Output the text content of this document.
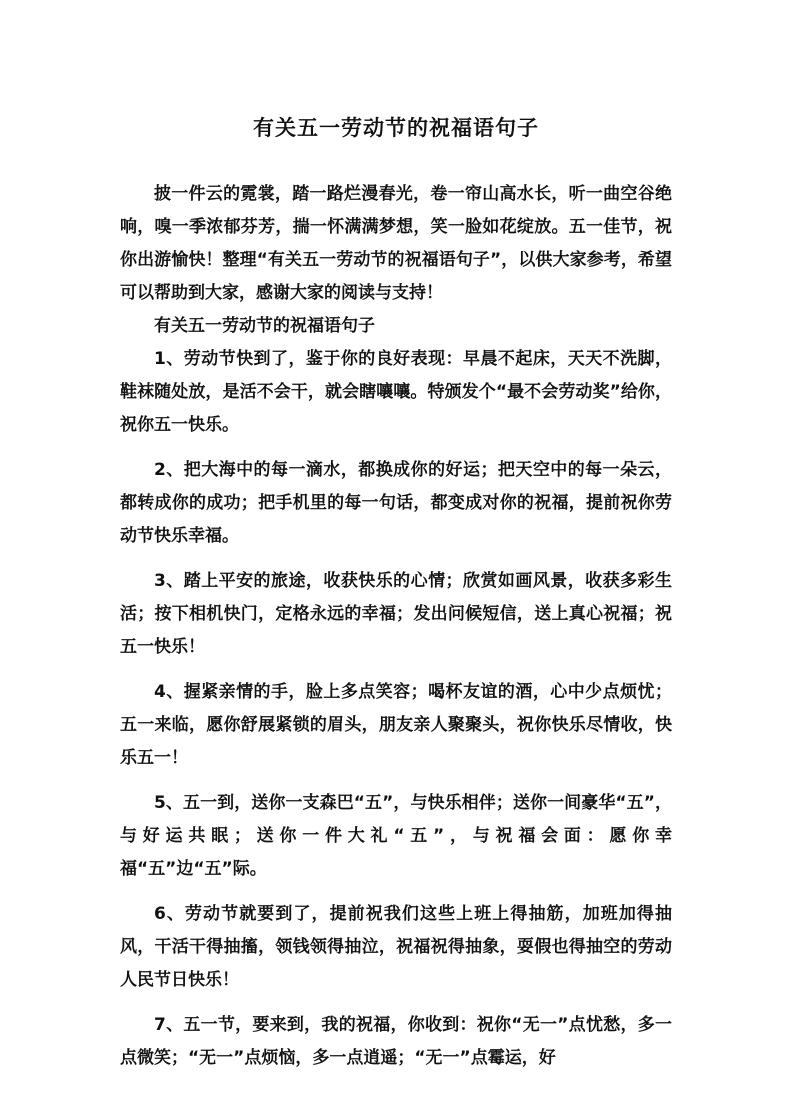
有关五一劳动节的祝福语句子

披一件云的霓裳，踏一路烂漫春光，卷一帘山高水长，听一曲空谷绝响，嗅一季浓郁芬芳，揣一怀满满梦想，笑一脸如花绽放。五一佳节，祝你出游愉快！整理“有关五一劳动节的祝福语句子”，以供大家参考，希望可以帮助到大家，感谢大家的阅读与支持！

有关五一劳动节的祝福语句子

1、劳动节快到了，鉴于你的良好表现：早晨不起床，天天不洗脚，鞋袜随处放，是活不会干，就会瞎嚷嚷。特颁发个“最不会劳动奖”给你，祝你五一快乐。

2、把大海中的每一滴水，都换成你的好运；把天空中的每一朵云，都转成你的成功；把手机里的每一句话，都变成对你的祝福，提前祝你劳动节快乐幸福。

3、踏上平安的旅途，收获快乐的心情；欣赏如画风景，收获多彩生活；按下相机快门，定格永远的幸福；发出问候短信，送上真心祝福；祝五一快乐！

4、握紧亲情的手，脸上多点笑容；喝杯友谊的酒，心中少点烦忧；五一来临，愿你舒展紧锁的眉头，朋友亲人聚聚头，祝你快乐尽情收，快乐五一！

5、五一到，送你一支森巴“五”，与快乐相伴；送你一间豪华“五”，与好运共眠；送你一件大礼“五”，与祝福会面：愿你幸福“五”边“五”际。

6、劳动节就要到了，提前祝我们这些上班上得抽筋，加班加得抽风，干活干得抽搐，领钱领得抽泣，祝福祝得抽象，耍假也得抽空的劳动人民节日快乐！

7、五一节，要来到，我的祝福，你收到：祝你“无一”点忧愁，多一点微笑；“无一”点烦恼，多一点逍遥；“无一”点霉运，好
